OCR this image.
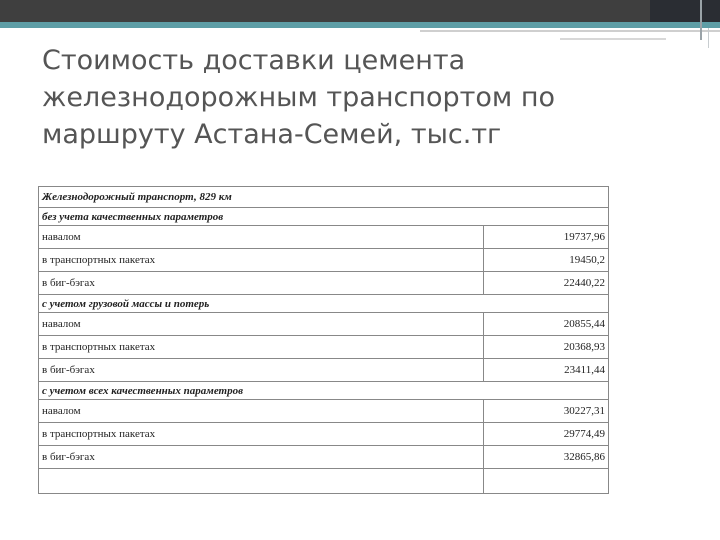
Стоимость доставки цемента железнодорожным транспортом по маршруту Астана-Семей, тыс.тг
Железнодорожный транспорт, 829 км	
без учета качественных параметров	
навалом	19737,96
в транспортных пакетах	19450,2
в биг-бэгах	22440,22
с учетом грузовой массы и потерь	
навалом	20855,44
в транспортных пакетах	20368,93
в биг-бэгах	23411,44
с учетом всех качественных параметров	
навалом	30227,31
в транспортных пакетах	29774,49
в биг-бэгах	32865,86
